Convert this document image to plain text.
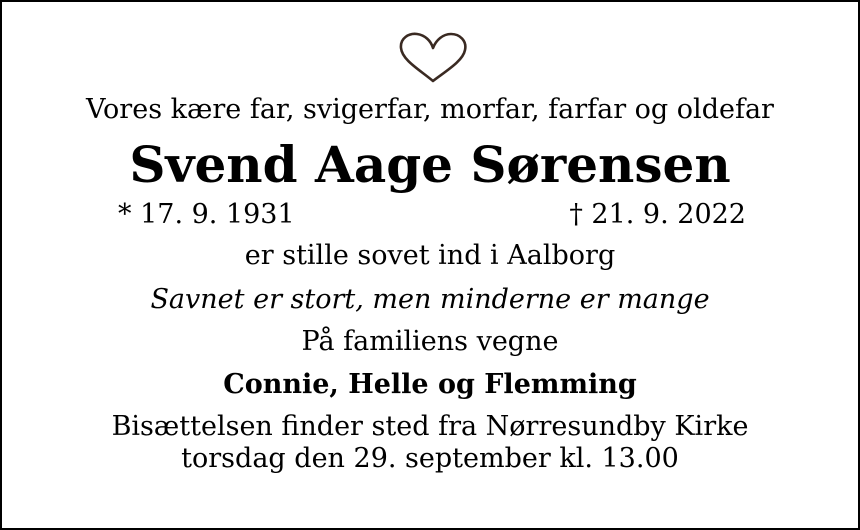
Vores kære far, svigerfar, morfar, farfar og oldefar
Svend Aage Sørensen
* 17. 9. 1931	† 21. 9. 2022
er stille sovet ind i Aalborg
Savnet er stort, men minderne er mange
På familiens vegne
Connie, Helle og Flemming
Bisættelsen finder sted fra Nørresundby Kirke
torsdag den 29. september kl. 13.00
